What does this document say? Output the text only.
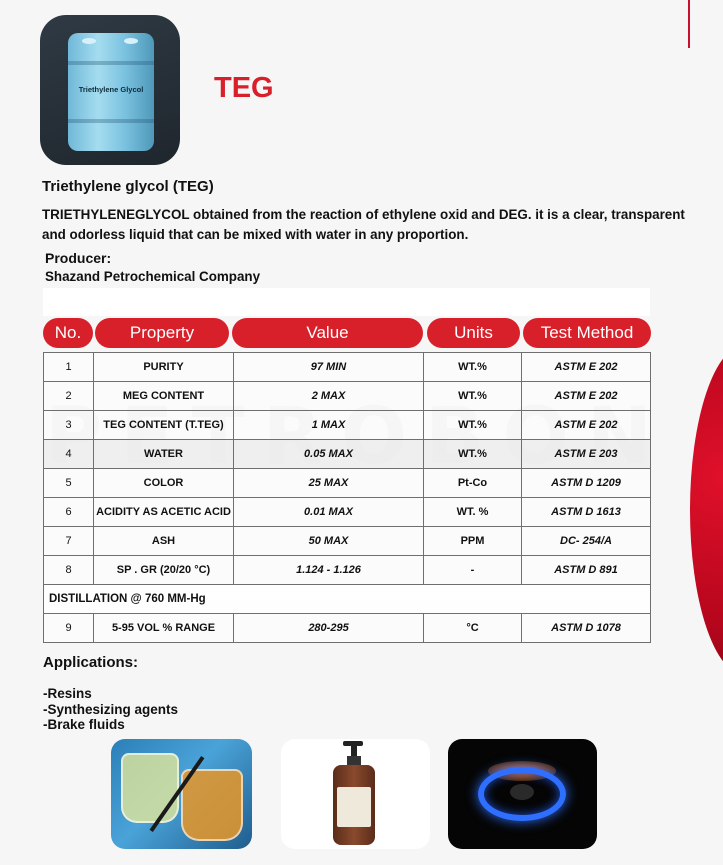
Triethylene Glycol	TEG
Triethylene glycol (TEG)
TRIETHYLENEGLYCOL obtained from the reaction of ethylene oxid and DEG. it is a clear, transparent and odorless liquid that can be mixed with water in any proportion.
Producer:
Shazand Petrochemical Company
No.	Property	Value	Units	Test Method
1	PURITY	97 MIN	WT.%	ASTM E 202
2	MEG CONTENT	2 MAX	WT.%	ASTM E 202
3	TEG CONTENT (T.TEG)	1 MAX	WT.%	ASTM E 202
4	WATER	0.05 MAX	WT.%	ASTM E 203
5	COLOR	25 MAX	Pt-Co	ASTM D 1209
6	ACIDITY AS ACETIC ACID	0.01 MAX	WT. %	ASTM D 1613
7	ASH	50 MAX	PPM	DC- 254/A
8	SP . GR (20/20 °C)	1.124 - 1.126	-	ASTM D 891
DISTILLATION @ 760 MM-Hg				
9	5-95 VOL % RANGE	280-295	°C	ASTM D 1078
Applications:
-Resins
-Synthesizing agents
-Brake fluids
